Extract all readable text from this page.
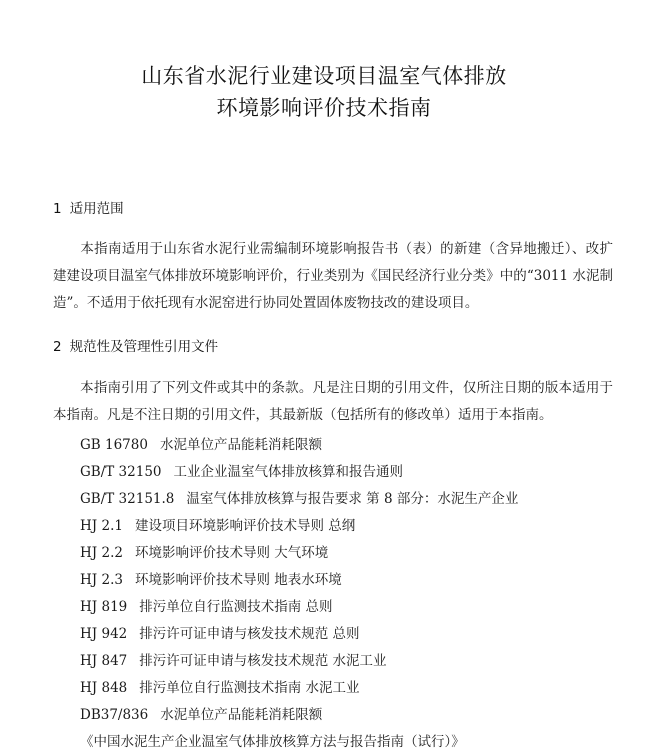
山东省水泥行业建设项目温室气体排放
环境影响评价技术指南
1 适用范围
本指南适用于山东省水泥行业需编制环境影响报告书（表）的新建（含异地搬迁）、改扩建建设项目温室气体排放环境影响评价，行业类别为《国民经济行业分类》中的“3011 水泥制造”。不适用于依托现有水泥窑进行协同处置固体废物技改的建设项目。
2 规范性及管理性引用文件
本指南引用了下列文件或其中的条款。凡是注日期的引用文件，仅所注日期的版本适用于本指南。凡是不注日期的引用文件，其最新版（包括所有的修改单）适用于本指南。
GB 16780 水泥单位产品能耗消耗限额
GB/T 32150 工业企业温室气体排放核算和报告通则
GB/T 32151.8 温室气体排放核算与报告要求 第 8 部分：水泥生产企业
HJ 2.1 建设项目环境影响评价技术导则 总纲
HJ 2.2 环境影响评价技术导则 大气环境
HJ 2.3 环境影响评价技术导则 地表水环境
HJ 819 排污单位自行监测技术指南 总则
HJ 942 排污许可证申请与核发技术规范 总则
HJ 847 排污许可证申请与核发技术规范 水泥工业
HJ 848 排污单位自行监测技术指南 水泥工业
DB37/836 水泥单位产品能耗消耗限额
《中国水泥生产企业温室气体排放核算方法与报告指南（试行）》
